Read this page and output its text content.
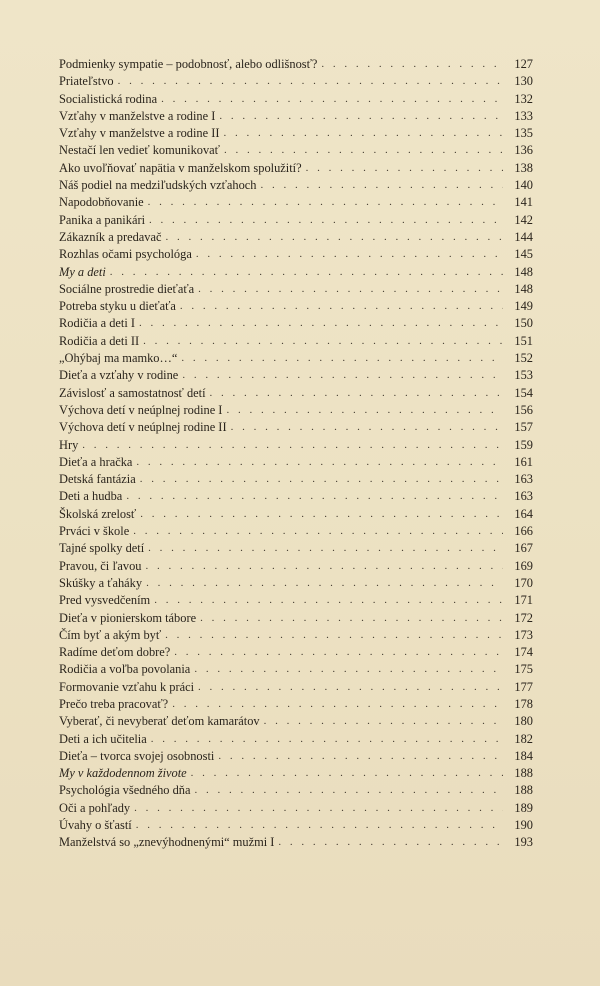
Podmienky sympatie – podobnosť, alebo odlišnosť? . . .	127
Priateľstvo . . .	130
Socialistická rodina . . .	132
Vzťahy v manželstve a rodine I . . .	133
Vzťahy v manželstve a rodine II . . .	135
Nestačí len vedieť komunikovať . . .	136
Ako uvoľňovať napätia v manželskom spolužití? . . .	138
Náš podiel na medziľudských vzťahoch . . .	140
Napodobňovanie . . .	141
Panika a panikári . . .	142
Zákazník a predavač . . .	144
Rozhlas očami psychológa . . .	145
My a deti . . .	148
Sociálne prostredie dieťaťa . . .	148
Potreba styku u dieťaťa . . .	149
Rodičia a deti I . . .	150
Rodičia a deti II . . .	151
„Ohýbaj ma mamko…“ . . .	152
Dieťa a vzťahy v rodine . . .	153
Závislosť a samostatnosť detí . . .	154
Výchova detí v neúplnej rodine I . . .	156
Výchova detí v neúplnej rodine II . . .	157
Hry . . .	159
Dieťa a hračka . . .	161
Detská fantázia . . .	163
Deti a hudba . . .	163
Školská zrelosť . . .	164
Prváci v škole . . .	166
Tajné spolky detí . . .	167
Pravou, či ľavou . . .	169
Skúšky a ťaháky . . .	170
Pred vysvedčením . . .	171
Dieťa v pionierskom tábore . . .	172
Čím byť a akým byť . . .	173
Radíme deťom dobre? . . .	174
Rodičia a voľba povolania . . .	175
Formovanie vzťahu k práci . . .	177
Prečo treba pracovať? . . .	178
Vyberať, či nevyberať deťom kamarátov . . .	180
Deti a ich učitelia . . .	182
Dieťa – tvorca svojej osobnosti . . .	184
My v každodennom živote . . .	188
Psychológia všedného dňa . . .	188
Oči a pohľady . . .	189
Úvahy o šťastí . . .	190
Manželstvá so „znevýhodnenými“ mužmi I . . .	193
